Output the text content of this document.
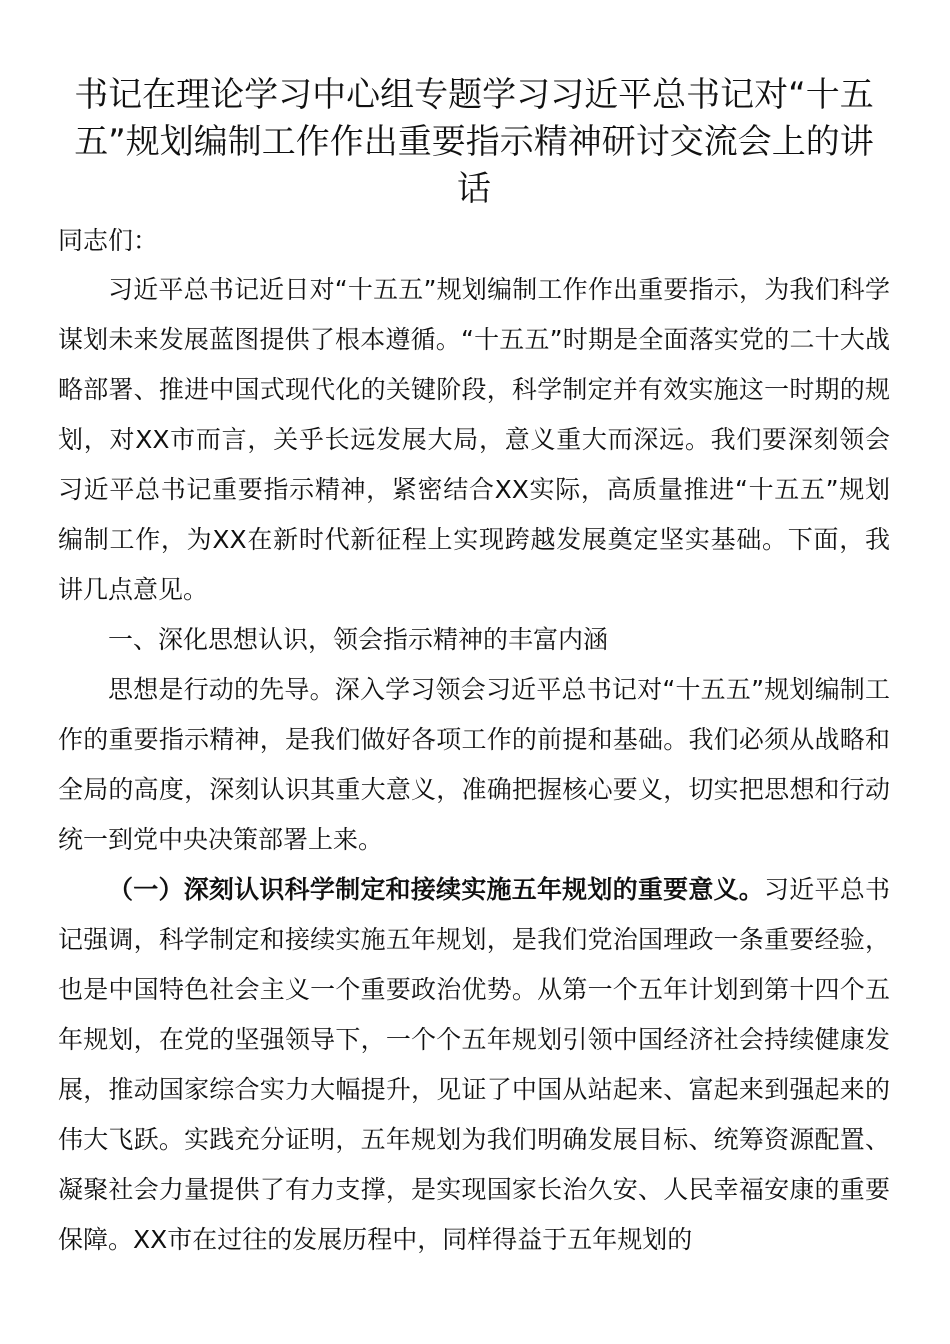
书记在理论学习中心组专题学习习近平总书记对“十五五”规划编制工作作出重要指示精神研讨交流会上的讲话

同志们：

习近平总书记近日对“十五五”规划编制工作作出重要指示，为我们科学谋划未来发展蓝图提供了根本遵循。“十五五”时期是全面落实党的二十大战略部署、推进中国式现代化的关键阶段，科学制定并有效实施这一时期的规划，对XX市而言，关乎长远发展大局，意义重大而深远。我们要深刻领会习近平总书记重要指示精神，紧密结合XX实际，高质量推进“十五五”规划编制工作，为XX在新时代新征程上实现跨越发展奠定坚实基础。下面，我讲几点意见。

一、深化思想认识，领会指示精神的丰富内涵

思想是行动的先导。深入学习领会习近平总书记对“十五五”规划编制工作的重要指示精神，是我们做好各项工作的前提和基础。我们必须从战略和全局的高度，深刻认识其重大意义，准确把握核心要义，切实把思想和行动统一到党中央决策部署上来。

（一）深刻认识科学制定和接续实施五年规划的重要意义。习近平总书记强调，科学制定和接续实施五年规划，是我们党治国理政一条重要经验，也是中国特色社会主义一个重要政治优势。从第一个五年计划到第十四个五年规划，在党的坚强领导下，一个个五年规划引领中国经济社会持续健康发展，推动国家综合实力大幅提升，见证了中国从站起来、富起来到强起来的伟大飞跃。实践充分证明，五年规划为我们明确发展目标、统筹资源配置、凝聚社会力量提供了有力支撑，是实现国家长治久安、人民幸福安康的重要保障。XX市在过往的发展历程中，同样得益于五年规划的
